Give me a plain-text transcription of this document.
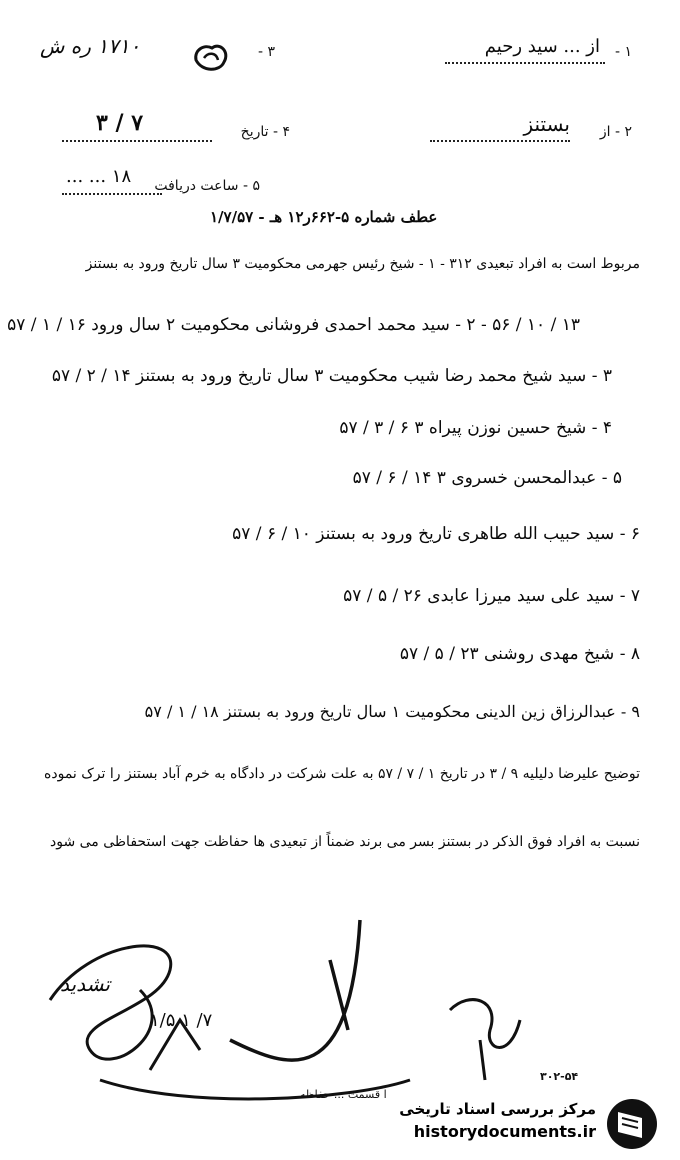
۱ -
از ... سید رحیم
۳ -
۱۷۱۰ ره ش
۲ - از
بستنز
۴ - تاریخ
۷ / ۳
۵ - ساعت دریافت
۱۸ ... ...
عطف شماره ۵-۶۶۲ر۱۲ هـ - ۱/۷/۵۷
مربوط است به افراد تبعیدی ۳۱۲ - ۱ - شیخ رئیس جهرمی محکومیت ۳ سال تاریخ ورود به بستنز
۱۳ / ۱۰ / ۵۶ - ۲ - سید محمد احمدی فروشانی محکومیت ۲ سال ورود ۱۶ / ۱ / ۵۷
۳ - سید شیخ محمد رضا شیب محکومیت ۳ سال تاریخ ورود به بستنز ۱۴ / ۲ / ۵۷
۴ - شیخ حسین نوزن پیراه ۳ ۶ / ۳ / ۵۷
۵ - عبدالمحسن خسروی ۳ ۱۴ / ۶ / ۵۷
۶ - سید حبیب الله طاهری تاریخ ورود به بستنز ۱۰ / ۶ / ۵۷
۷ - سید علی سید میرزا عابدی ۲۶ / ۵ / ۵۷
۸ - شیخ مهدی روشنی ۲۳ / ۵ / ۵۷
۹ - عبدالرزاق زین الدینی محکومیت ۱ سال تاریخ ورود به بستنز ۱۸ / ۱ / ۵۷
توضیح علیرضا دلیلیه ۹ / ۳ در تاریخ ۱ / ۷ / ۵۷ به علت شرکت در دادگاه به خرم آباد بستنز را ترک نموده
نسبت به افراد فوق الذکر در بستنز بسر می برند ضمناً از تبعیدی ها حفاظت جهت استحفاظی می شود
تشدید
۷/ ۱ ۱/۵
ا قسمت ... حفاظه
۳۰۲-۵۴
مرکز بررسی اسناد تاریخی
historydocuments.ir
